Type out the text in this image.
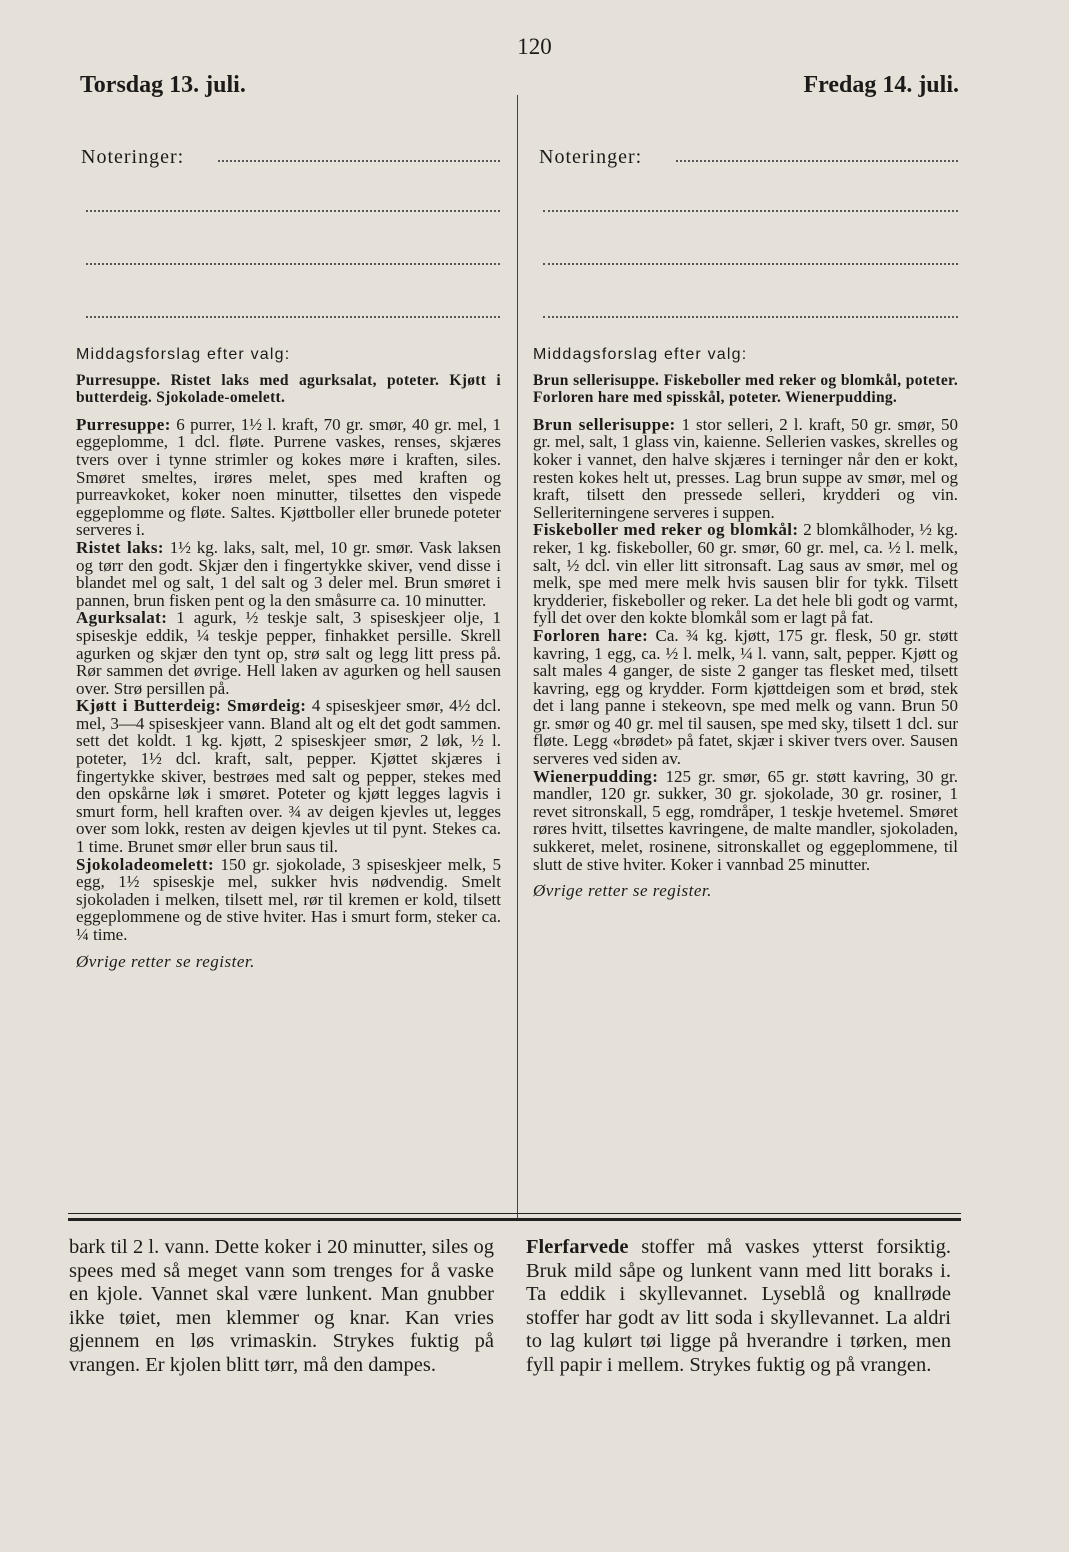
120
Torsdag 13. juli.	Fredag 14. juli.
Noteringer:	Noteringer:

Middagsforslag efter valg:

Purresuppe. Ristet laks med agurksalat, poteter. Kjøtt i butterdeig. Sjokolade-omelett.

Purresuppe: 6 purrer, 1½ l. kraft, 70 gr. smør, 40 gr. mel, 1 eggeplomme, 1 dcl. fløte. Purrene vaskes, renses, skjæres tvers over i tynne strimler og kokes møre i kraften, siles. Smøret smeltes, irøres melet, spes med kraften og purreavkoket, koker noen minutter, tilsettes den vispede eggeplomme og fløte. Saltes. Kjøttboller eller brunede poteter serveres i.

Ristet laks: 1½ kg. laks, salt, mel, 10 gr. smør. Vask laksen og tørr den godt. Skjær den i fingertykke skiver, vend disse i blandet mel og salt, 1 del salt og 3 deler mel. Brun smøret i pannen, brun fisken pent og la den småsurre ca. 10 minutter.

Agurksalat: 1 agurk, ½ teskje salt, 3 spiseskjeer olje, 1 spiseskje eddik, ¼ teskje pepper, finhakket persille. Skrell agurken og skjær den tynt op, strø salt og legg litt press på. Rør sammen det øvrige. Hell laken av agurken og hell sausen over. Strø persillen på.

Kjøtt i Butterdeig: Smørdeig: 4 spiseskjeer smør, 4½ dcl. mel, 3—4 spiseskjeer vann. Bland alt og elt det godt sammen. sett det koldt. 1 kg. kjøtt, 2 spiseskjeer smør, 2 løk, ½ l. poteter, 1½ dcl. kraft, salt, pepper. Kjøttet skjæres i fingertykke skiver, bestrøes med salt og pepper, stekes med den opskårne løk i smøret. Poteter og kjøtt legges lagvis i smurt form, hell kraften over. ¾ av deigen kjevles ut, legges over som lokk, resten av deigen kjevles ut til pynt. Stekes ca. 1 time. Brunet smør eller brun saus til.

Sjokoladeomelett: 150 gr. sjokolade, 3 spiseskjeer melk, 5 egg, 1½ spiseskje mel, sukker hvis nødvendig. Smelt sjokoladen i melken, tilsett mel, rør til kremen er kold, tilsett eggeplommene og de stive hviter. Has i smurt form, steker ca. ¼ time.

Øvrige retter se register.

Middagsforslag efter valg:

Brun sellerisuppe. Fiskeboller med reker og blomkål, poteter. Forloren hare med spisskål, poteter. Wienerpudding.

Brun sellerisuppe: 1 stor selleri, 2 l. kraft, 50 gr. smør, 50 gr. mel, salt, 1 glass vin, kaienne. Sellerien vaskes, skrelles og koker i vannet, den halve skjæres i terninger når den er kokt, resten kokes helt ut, presses. Lag brun suppe av smør, mel og kraft, tilsett den pressede selleri, krydderi og vin. Selleriterningene serveres i suppen.

Fiskeboller med reker og blomkål: 2 blomkålhoder, ½ kg. reker, 1 kg. fiskeboller, 60 gr. smør, 60 gr. mel, ca. ½ l. melk, salt, ½ dcl. vin eller litt sitronsaft. Lag saus av smør, mel og melk, spe med mere melk hvis sausen blir for tykk. Tilsett krydderier, fiskeboller og reker. La det hele bli godt og varmt, fyll det over den kokte blomkål som er lagt på fat.

Forloren hare: Ca. ¾ kg. kjøtt, 175 gr. flesk, 50 gr. støtt kavring, 1 egg, ca. ½ l. melk, ¼ l. vann, salt, pepper. Kjøtt og salt males 4 ganger, de siste 2 ganger tas flesket med, tilsett kavring, egg og krydder. Form kjøttdeigen som et brød, stek det i lang panne i stekeovn, spe med melk og vann. Brun 50 gr. smør og 40 gr. mel til sausen, spe med sky, tilsett 1 dcl. sur fløte. Legg «brødet» på fatet, skjær i skiver tvers over. Sausen serveres ved siden av.

Wienerpudding: 125 gr. smør, 65 gr. støtt kavring, 30 gr. mandler, 120 gr. sukker, 30 gr. sjokolade, 30 gr. rosiner, 1 revet sitronskall, 5 egg, romdråper, 1 teskje hvetemel. Smøret røres hvitt, tilsettes kavringene, de malte mandler, sjokoladen, sukkeret, melet, rosinene, sitronskallet og eggeplommene, til slutt de stive hviter. Koker i vannbad 25 minutter.

Øvrige retter se register.

bark til 2 l. vann. Dette koker i 20 minutter, siles og spees med så meget vann som trenges for å vaske en kjole. Vannet skal være lunkent. Man gnubber ikke tøiet, men klemmer og knar. Kan vries gjennem en løs vrimaskin. Strykes fuktig på vrangen. Er kjolen blitt tørr, må den dampes.
Flerfarvede stoffer må vaskes ytterst forsiktig. Bruk mild såpe og lunkent vann med litt boraks i. Ta eddik i skyllevannet. Lyseblå og knallrøde stoffer har godt av litt soda i skyllevannet. La aldri to lag kulørt tøi ligge på hverandre i tørken, men fyll papir i mellem. Strykes fuktig og på vrangen.
